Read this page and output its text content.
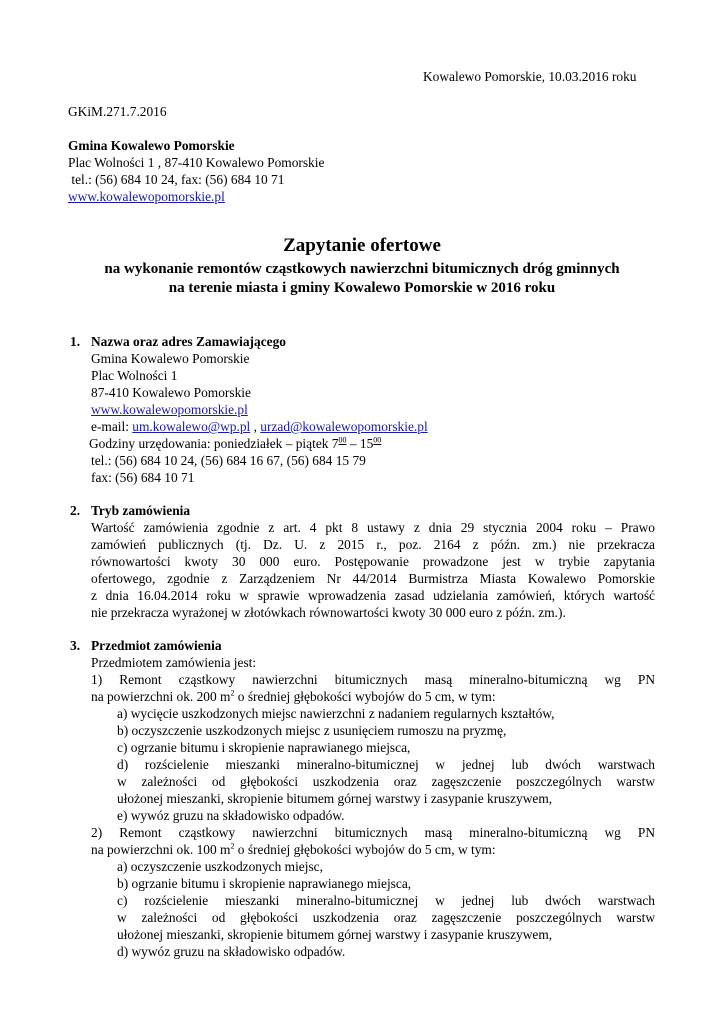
Kowalewo Pomorskie, 10.03.2016 roku
GKiM.271.7.2016
Gmina Kowalewo Pomorskie
Plac Wolności 1 , 87-410 Kowalewo Pomorskie
tel.: (56) 684 10 24, fax: (56) 684 10 71
www.kowalewopomorskie.pl
Zapytanie ofertowe
na wykonanie remontów cząstkowych nawierzchni bitumicznych dróg gminnych
na terenie miasta i gminy Kowalewo Pomorskie w 2016 roku
1. Nazwa oraz adres Zamawiającego
Gmina Kowalewo Pomorskie
Plac Wolności 1
87-410 Kowalewo Pomorskie
www.kowalewopomorskie.pl
e-mail: um.kowalewo@wp.pl , urzad@kowalewopomorskie.pl
Godziny urzędowania: poniedziałek – piątek $7^{00} - 15^{00}$
tel.: (56) 684 10 24, (56) 684 16 67, (56) 684 15 79
fax: (56) 684 10 71
2. Tryb zamówienia
Wartość zamówienia zgodnie z art. 4 pkt 8 ustawy z dnia 29 stycznia 2004 roku – Prawo
zamówień publicznych (tj. Dz. U. z 2015 r., poz. 2164 z późn. zm.) nie przekracza
równowartości kwoty 30 000 euro. Postępowanie prowadzone jest w trybie zapytania
ofertowego, zgodnie z Zarządzeniem Nr 44/2014 Burmistrza Miasta Kowalewo Pomorskie
z dnia 16.04.2014 roku w sprawie wprowadzenia zasad udzielania zamówień, których wartość
nie przekracza wyrażonej w złotówkach równowartości kwoty 30 000 euro z późn. zm.).
3. Przedmiot zamówienia
Przedmiotem zamówienia jest:
1) Remont cząstkowy nawierzchni bitumicznych masą mineralno-bitumiczną wg PN
na powierzchni ok. 200 $m^2$ o średniej głębokości wybojów do 5 cm, w tym:
a) wycięcie uszkodzonych miejsc nawierzchni z nadaniem regularnych kształtów,
b) oczyszczenie uszkodzonych miejsc z usunięciem rumoszu na pryzmę,
c) ogrzanie bitumu i skropienie naprawianego miejsca,
d) rozścielenie mieszanki mineralno-bitumicznej w jednej lub dwóch warstwach
w zależności od głębokości uszkodzenia oraz zagęszczenie poszczególnych warstw
ułożonej mieszanki, skropienie bitumem górnej warstwy i zasypanie kruszywem,
e) wywóz gruzu na składowisko odpadów.
2) Remont cząstkowy nawierzchni bitumicznych masą mineralno-bitumiczną wg PN
na powierzchni ok. 100 $m^2$ o średniej głębokości wybojów do 5 cm, w tym:
a) oczyszczenie uszkodzonych miejsc,
b) ogrzanie bitumu i skropienie naprawianego miejsca,
c) rozścielenie mieszanki mineralno-bitumicznej w jednej lub dwóch warstwach
w zależności od głębokości uszkodzenia oraz zagęszczenie poszczególnych warstw
ułożonej mieszanki, skropienie bitumem górnej warstwy i zasypanie kruszywem,
d) wywóz gruzu na składowisko odpadów.
